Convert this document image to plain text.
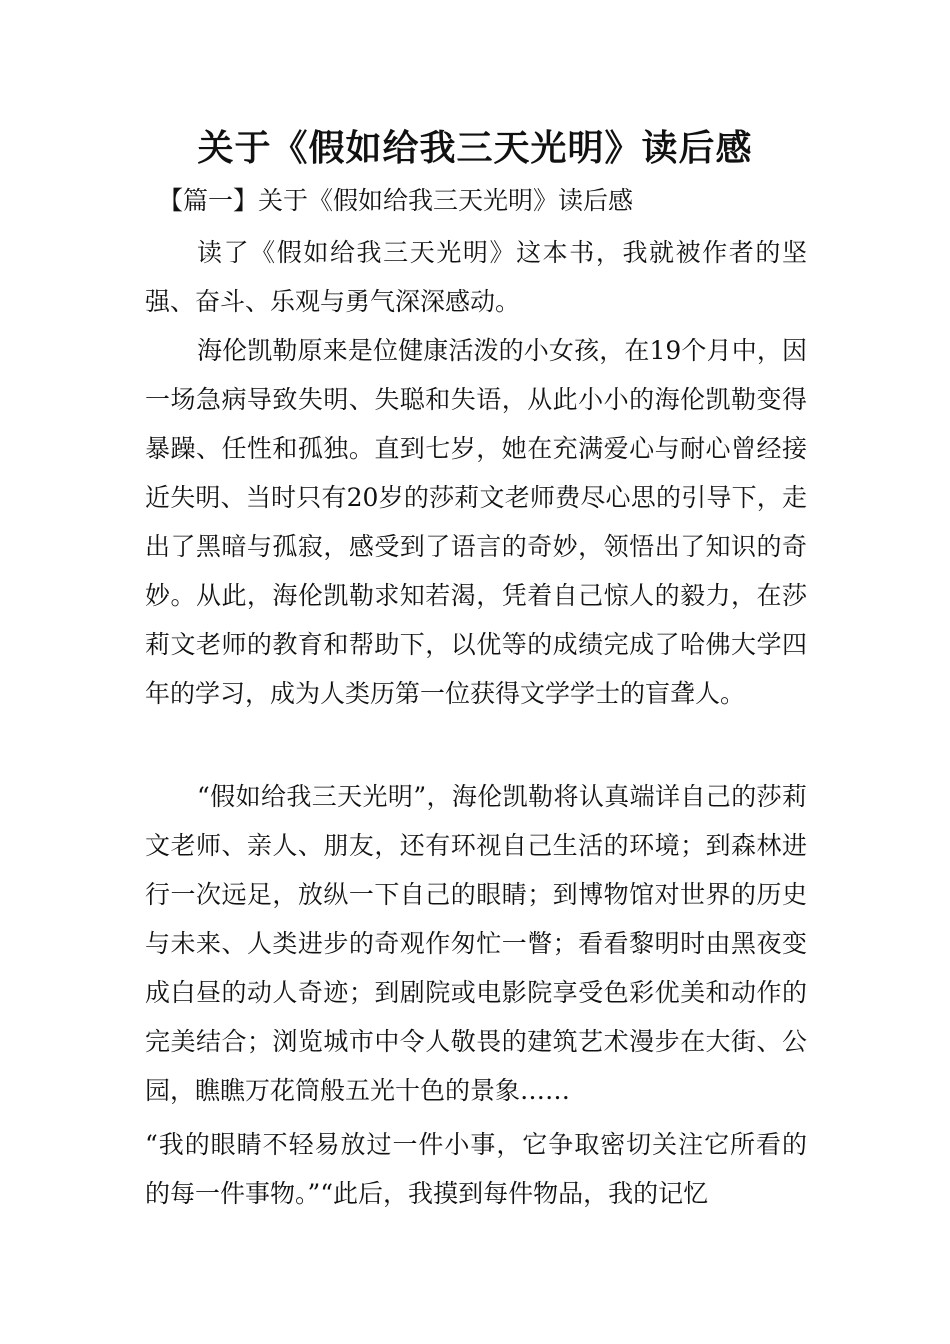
关于《假如给我三天光明》读后感
【篇一】关于《假如给我三天光明》读后感

读了《假如给我三天光明》这本书，我就被作者的坚强、奋斗、乐观与勇气深深感动。

海伦凯勒原来是位健康活泼的小女孩，在19个月中，因一场急病导致失明、失聪和失语，从此小小的海伦凯勒变得暴躁、任性和孤独。直到七岁，她在充满爱心与耐心曾经接近失明、当时只有20岁的莎莉文老师费尽心思的引导下，走出了黑暗与孤寂，感受到了语言的奇妙，领悟出了知识的奇妙。从此，海伦凯勒求知若渴，凭着自己惊人的毅力，在莎莉文老师的教育和帮助下，以优等的成绩完成了哈佛大学四年的学习，成为人类历第一位获得文学学士的盲聋人。

“假如给我三天光明”，海伦凯勒将认真端详自己的莎莉文老师、亲人、朋友，还有环视自己生活的环境；到森林进行一次远足，放纵一下自己的眼睛；到博物馆对世界的历史与未来、人类进步的奇观作匆忙一瞥；看看黎明时由黑夜变成白昼的动人奇迹；到剧院或电影院享受色彩优美和动作的完美结合；浏览城市中令人敬畏的建筑艺术漫步在大街、公园，瞧瞧万花筒般五光十色的景象……

“我的眼睛不轻易放过一件小事，它争取密切关注它所看的的每一件事物。”“此后，我摸到每件物品，我的记忆
